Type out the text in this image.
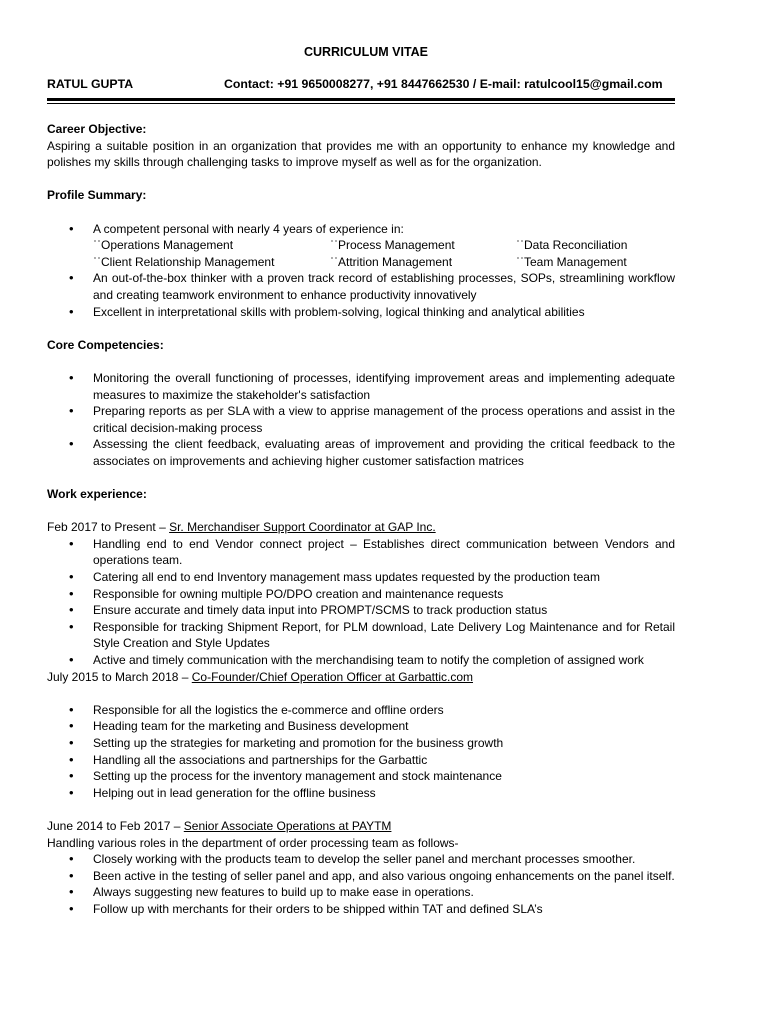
CURRICULUM VITAE
RATUL GUPTA	Contact: +91 9650008277, +91 8447662530 / E-mail: ratulcool15@gmail.com
Career Objective:

Aspiring a suitable position in an organization that provides me with an opportunity to enhance my knowledge and polishes my skills through challenging tasks to improve myself as well as for the organization.

Profile Summary:
• A competent personal with nearly 4 years of experience in:
ˈˈOperations Management	ˈˈProcess Management	ˈˈData Reconciliation
ˈˈClient Relationship Management	ˈˈAttrition Management	ˈˈTeam Management
• An out-of-the-box thinker with a proven track record of establishing processes, SOPs, streamlining workflow and creating teamwork environment to enhance productivity innovatively
• Excellent in interpretational skills with problem-solving, logical thinking and analytical abilities
Core Competencies:
• Monitoring the overall functioning of processes, identifying improvement areas and implementing adequate measures to maximize the stakeholder's satisfaction
• Preparing reports as per SLA with a view to apprise management of the process operations and assist in the critical decision-making process
• Assessing the client feedback, evaluating areas of improvement and providing the critical feedback to the associates on improvements and achieving higher customer satisfaction matrices
Work experience:
Feb 2017 to Present – Sr. Merchandiser Support Coordinator at GAP Inc.
• Handling end to end Vendor connect project – Establishes direct communication between Vendors and operations team.
• Catering all end to end Inventory management mass updates requested by the production team
• Responsible for owning multiple PO/DPO creation and maintenance requests
• Ensure accurate and timely data input into PROMPT/SCMS to track production status
• Responsible for tracking Shipment Report, for PLM download, Late Delivery Log Maintenance and for Retail Style Creation and Style Updates
• Active and timely communication with the merchandising team to notify the completion of assigned work
July 2015 to March 2018 – Co-Founder/Chief Operation Officer at Garbattic.com
• Responsible for all the logistics the e-commerce and offline orders
• Heading team for the marketing and Business development
• Setting up the strategies for marketing and promotion for the business growth
• Handling all the associations and partnerships for the Garbattic
• Setting up the process for the inventory management and stock maintenance
• Helping out in lead generation for the offline business
June 2014 to Feb 2017 – Senior Associate Operations at PAYTM

Handling various roles in the department of order processing team as follows-

• Closely working with the products team to develop the seller panel and merchant processes smoother.
• Been active in the testing of seller panel and app, and also various ongoing enhancements on the panel itself.
• Always suggesting new features to build up to make ease in operations.
• Follow up with merchants for their orders to be shipped within TAT and defined SLA’s
